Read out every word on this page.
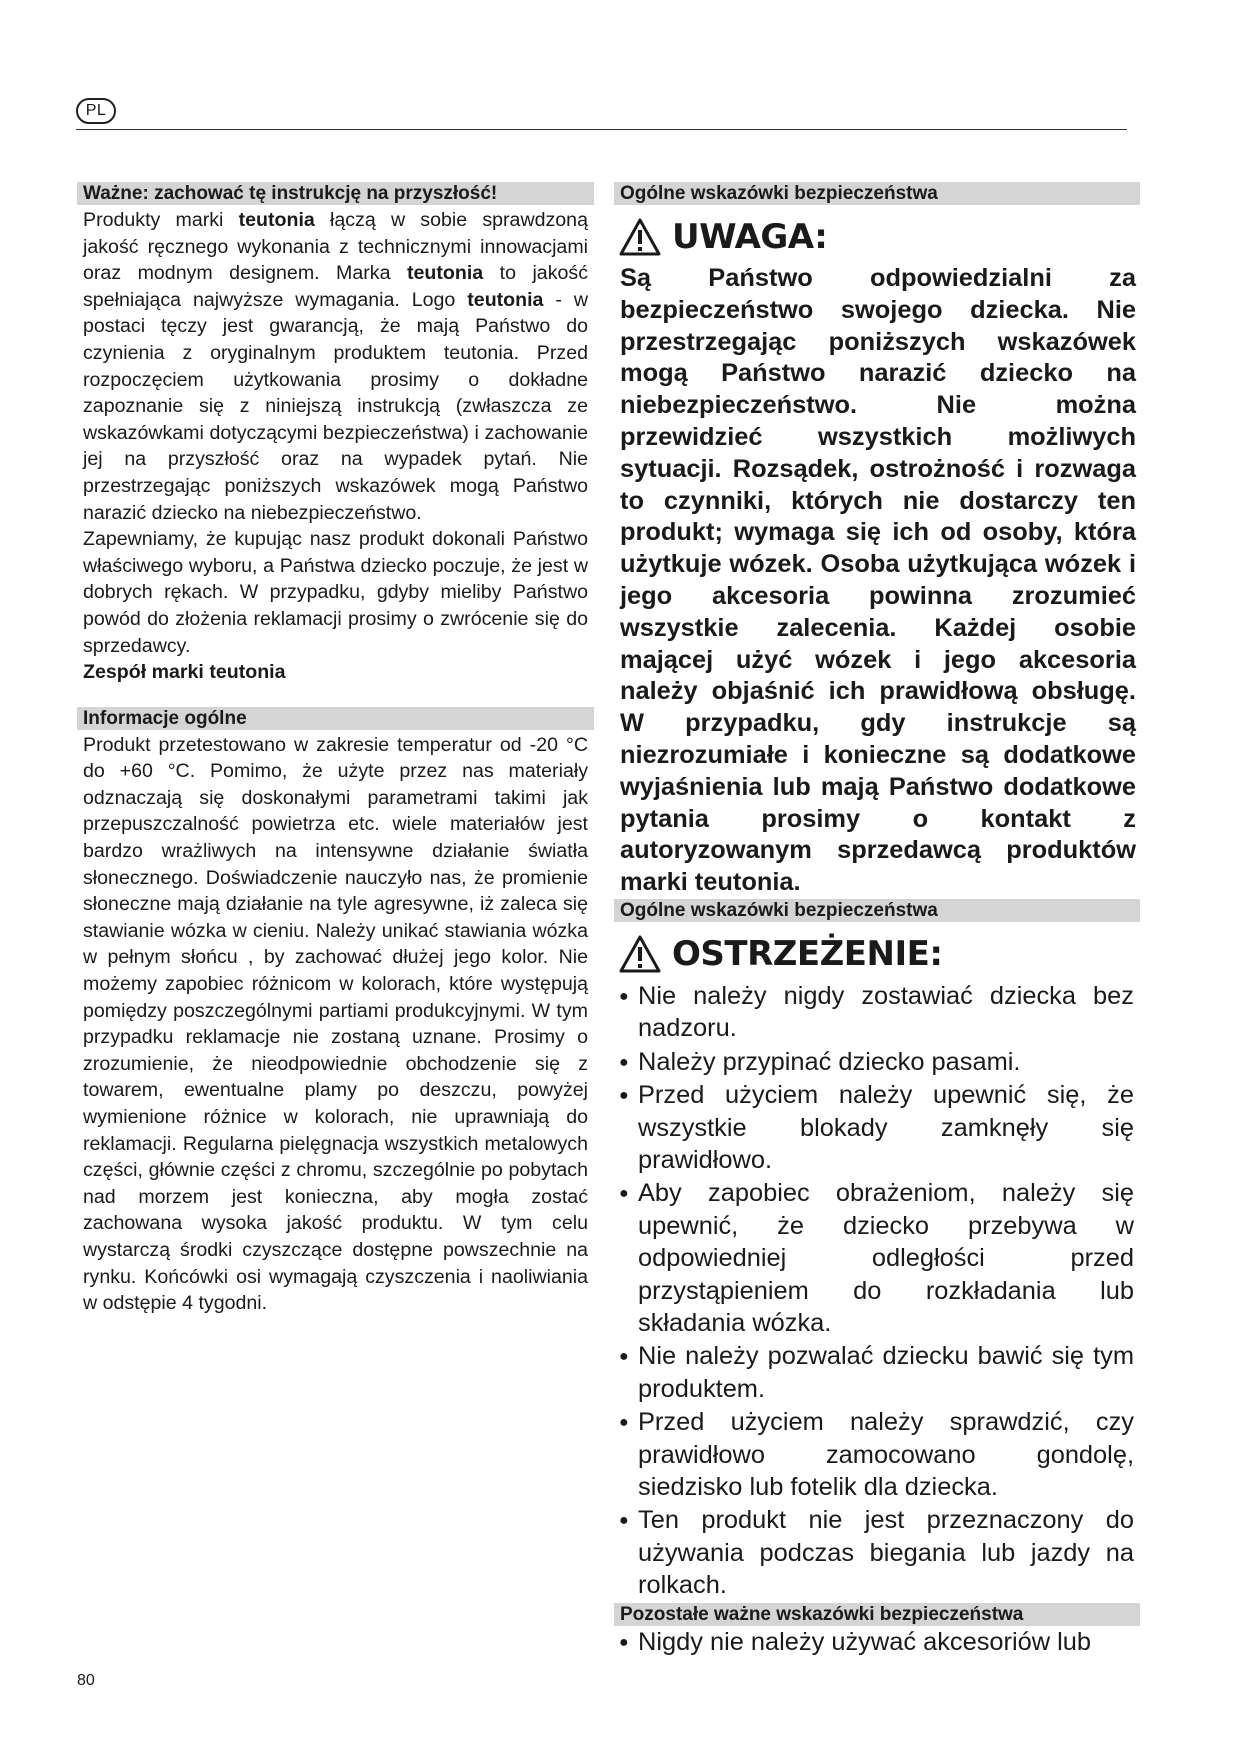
PL
Ważne: zachować tę instrukcję na przyszłość!

Produkty marki teutonia łączą w sobie sprawdzoną jakość ręcznego wykonania z technicznymi innowacjami oraz modnym designem. Marka teutonia to jakość spełniająca najwyższe wymagania. Logo teutonia - w postaci tęczy jest gwarancją, że mają Państwo do czynienia z oryginalnym produktem teutonia. Przed rozpoczęciem użytkowania prosimy o dokładne zapoznanie się z niniejszą instrukcją (zwłaszcza ze wskazówkami dotyczącymi bezpieczeństwa) i zachowanie jej na przyszłość oraz na wypadek pytań. Nie przestrzegając poniższych wskazówek mogą Państwo narazić dziecko na niebezpieczeństwo.

Zapewniamy, że kupując nasz produkt dokonali Państwo właściwego wyboru, a Państwa dziecko poczuje, że jest w dobrych rękach. W przypadku, gdyby mieliby Państwo powód do złożenia reklamacji prosimy o zwrócenie się do sprzedawcy.

Zespół marki teutonia

Informacje ogólne

Produkt przetestowano w zakresie temperatur od -20 °C do +60 °C. Pomimo, że użyte przez nas materiały odznaczają się doskonałymi parametrami takimi jak przepuszczalność powietrza etc. wiele materiałów jest bardzo wrażliwych na intensywne działanie światła słonecznego. Doświadczenie nauczyło nas, że promienie słoneczne mają działanie na tyle agresywne, iż zaleca się stawianie wózka w cieniu. Należy unikać stawiania wózka w pełnym słońcu , by zachować dłużej jego kolor. Nie możemy zapobiec różnicom w kolorach, które występują pomiędzy poszczególnymi partiami produkcyjnymi. W tym przypadku reklamacje nie zostaną uznane. Prosimy o zrozumienie, że nieodpowiednie obchodzenie się z towarem, ewentualne plamy po deszczu, powyżej wymienione różnice w kolorach, nie uprawniają do reklamacji. Regularna pielęgnacja wszystkich metalowych części, głównie części z chromu, szczególnie po pobytach nad morzem jest konieczna, aby mogła zostać zachowana wysoka jakość produktu. W tym celu wystarczą środki czyszczące dostępne powszechnie na rynku. Końcówki osi wymagają czyszczenia i naoliwiania w odstępie 4 tygodni.

Ogólne wskazówki bezpieczeństwa
UWAGA:

Są Państwo odpowiedzialni za bezpieczeństwo swojego dziecka. Nie przestrzegając poniższych wskazówek mogą Państwo narazić dziecko na niebezpieczeństwo. Nie można przewidzieć wszystkich możliwych sytuacji. Rozsądek, ostrożność i rozwaga to czynniki, których nie dostarczy ten produkt; wymaga się ich od osoby, która użytkuje wózek. Osoba użytkująca wózek i jego akcesoria powinna zrozumieć wszystkie zalecenia. Każdej osobie mającej użyć wózek i jego akcesoria należy objaśnić ich prawidłową obsługę. W przypadku, gdy instrukcje są niezrozumiałe i konieczne są dodatkowe wyjaśnienia lub mają Państwo dodatkowe pytania prosimy o kontakt z autoryzowanym sprzedawcą produktów marki teutonia.

Ogólne wskazówki bezpieczeństwa
OSTRZEŻENIE:
● Nie należy nigdy zostawiać dziecka bez nadzoru.
● Należy przypinać dziecko pasami.
● Przed użyciem należy upewnić się, że wszystkie blokady zamknęły się prawidłowo.
● Aby zapobiec obrażeniom, należy się upewnić, że dziecko przebywa w odpowiedniej odległości przed przystąpieniem do rozkładania lub składania wózka.
● Nie należy pozwalać dziecku bawić się tym produktem.
● Przed użyciem należy sprawdzić, czy prawidłowo zamocowano gondolę, siedzisko lub fotelik dla dziecka.
● Ten produkt nie jest przeznaczony do używania podczas biegania lub jazdy na rolkach.
Pozostałe ważne wskazówki bezpieczeństwa
● Nigdy nie należy używać akcesoriów lub
80
